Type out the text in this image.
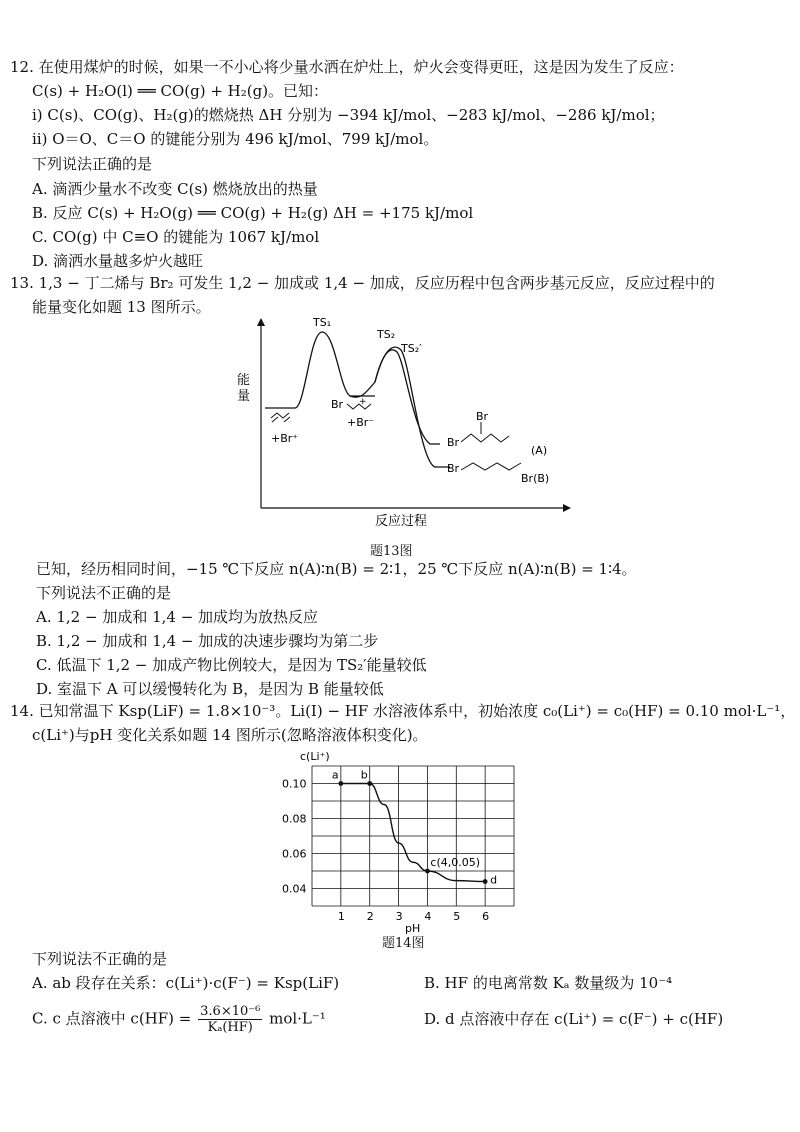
12. 在使用煤炉的时候，如果一不小心将少量水洒在炉灶上，炉火会变得更旺，这是因为发生了反应：
C(s) + H₂O(l) ══ CO(g) + H₂(g)。已知：
ⅰ) C(s)、CO(g)、H₂(g)的燃烧热 ΔH 分别为 −394 kJ/mol、−283 kJ/mol、−286 kJ/mol；
ⅱ) O＝O、C＝O 的键能分别为 496 kJ/mol、799 kJ/mol。
下列说法正确的是
A. 滴洒少量水不改变 C(s) 燃烧放出的热量
B. 反应 C(s) + H₂O(g) ══ CO(g) + H₂(g) ΔH = +175 kJ/mol
C. CO(g) 中 C≡O 的键能为 1067 kJ/mol
D. 滴洒水量越多炉火越旺
13. 1,3 − 丁二烯与 Br₂ 可发生 1,2 − 加成或 1,4 − 加成，反应历程中包含两步基元反应，反应过程中的
能量变化如题 13 图所示。
能
量
反应过程
+Br⁺
Br +
+Br⁻
TS₁
TS₂
TS₂′
Br
Br
(A)
Br
Br(B)
题13图
已知，经历相同时间，−15 ℃下反应 n(A)∶n(B) = 2∶1，25 ℃下反应 n(A)∶n(B) = 1∶4。
下列说法不正确的是
A. 1,2 − 加成和 1,4 − 加成均为放热反应
B. 1,2 − 加成和 1,4 − 加成的决速步骤均为第二步
C. 低温下 1,2 − 加成产物比例较大，是因为 TS₂′能量较低
D. 室温下 A 可以缓慢转化为 B，是因为 B 能量较低
14. 已知常温下 Ksp(LiF) = 1.8×10⁻³。Li(Ⅰ) − HF 水溶液体系中，初始浓度 c₀(Li⁺) = c₀(HF) = 0.10 mol·L⁻¹，
c(Li⁺)与pH 变化关系如题 14 图所示(忽略溶液体积变化)。
1 2 3 4 5 6
0.10
0.08
0.06
0.04
pH
c(Li⁺)
a b
c(4,0.05)
d
题14图
下列说法不正确的是
A. ab 段存在关系：c(Li⁺)·c(F⁻) = Ksp(LiF)	B. HF 的电离常数 Kₐ 数量级为 10⁻⁴
C. c 点溶液中 $c(HF) = \frac{\text{3.6×10⁻⁶}}{\text{Kₐ(HF)}} mol\cdot L^{-1}$	D. d 点溶液中存在 c(Li⁺) = c(F⁻) + c(HF)
